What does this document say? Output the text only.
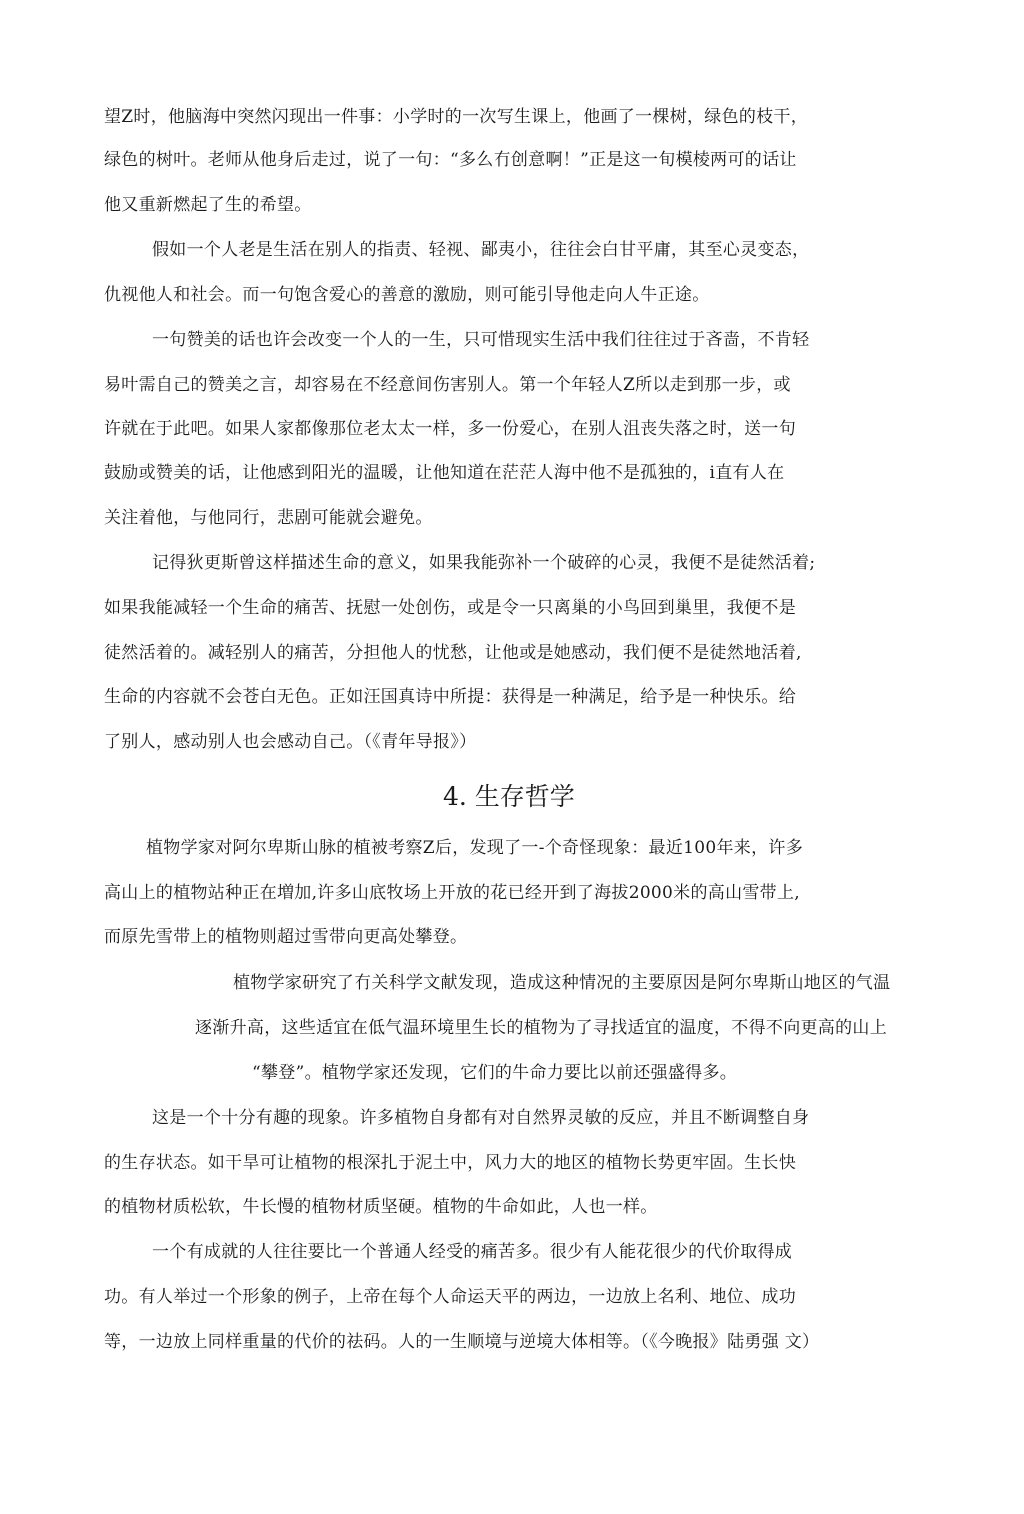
望Z时，他脑海中突然闪现出一件事：小学时的一次写生课上，他画了一棵树，绿色的枝干，
绿色的树叶。老师从他身后走过，说了一句：“多么冇创意啊！”正是这一旬模棱两可的话让
他又重新燃起了生的希望。
假如一个人老是生活在别人的指责、轻视、鄙夷小，往往会白甘平庸，其至心灵变态，
仇视他人和社会。而一句饱含爱心的善意的激励，则可能引导他走向人牛正途。
一句赞美的话也许会改变一个人的一生，只可惜现实生活中我们往往过于吝啬，不肯轻
易叶需自己的赞美之言，却容易在不经意间伤害别人。第一个年轻人Z所以走到那一步，或
许就在于此吧。如果人家都像那位老太太一样，多一份爱心，在别人沮丧失落之时，送一句
鼓励或赞美的话，让他感到阳光的温暖，让他知道在茫茫人海中他不是孤独的，i直有人在
关注着他，与他同行，悲剧可能就会避免。
记得狄更斯曾这样描述生命的意义，如果我能弥补一个破碎的心灵，我便不是徒然活着;
如果我能减轻一个生命的痛苦、抚慰一处创伤，或是令一只离巢的小鸟回到巢里，我便不是
徒然活着的。减轻别人的痛苦，分担他人的忧愁，让他或是她感动，我们便不是徒然地活着,
生命的内容就不会苍白无色。正如汪国真诗中所提：获得是一种满足，给予是一种快乐。给
了别人，感动别人也会感动自己。（《青年导报》）
4. 生存哲学
植物学家对阿尔卑斯山脉的植被考察Z后，发现了一-个奇怪现象：最近100年来，许多
高山上的植物站种正在増加,许多山底牧场上开放的花已经开到了海拔2000米的高山雪带上,
而原先雪带上的植物则超过雪带向更高处攀登。
植物学家研究了冇关科学文献发现，造成这种情况的主要原因是阿尔卑斯山地区的气温
逐渐升高，这些适宜在低气温环境里生长的植物为了寻找适宜的温度，不得不向更高的山上
“攀登”。植物学家还发现，它们的牛命力要比以前还强盛得多。
这是一个十分有趣的现象。许多植物自身都有对自然界灵敏的反应，并且不断调整自身
的生存状态。如干旱可让植物的根深扎于泥土中，风力大的地区的植物长势更牢固。生长快
的植物材质松软，牛长慢的植物材质坚硬。植物的牛命如此，人也一样。
一个有成就的人往往要比一个普通人经受的痛苦多。很少有人能花很少的代价取得成
功。有人举过一个形象的例子，上帝在每个人命运天平的两边，一边放上名利、地位、成功
等，一边放上同样重量的代价的祛码。人的一生顺境与逆境大体相等。（《今晚报》陆勇强 文）
